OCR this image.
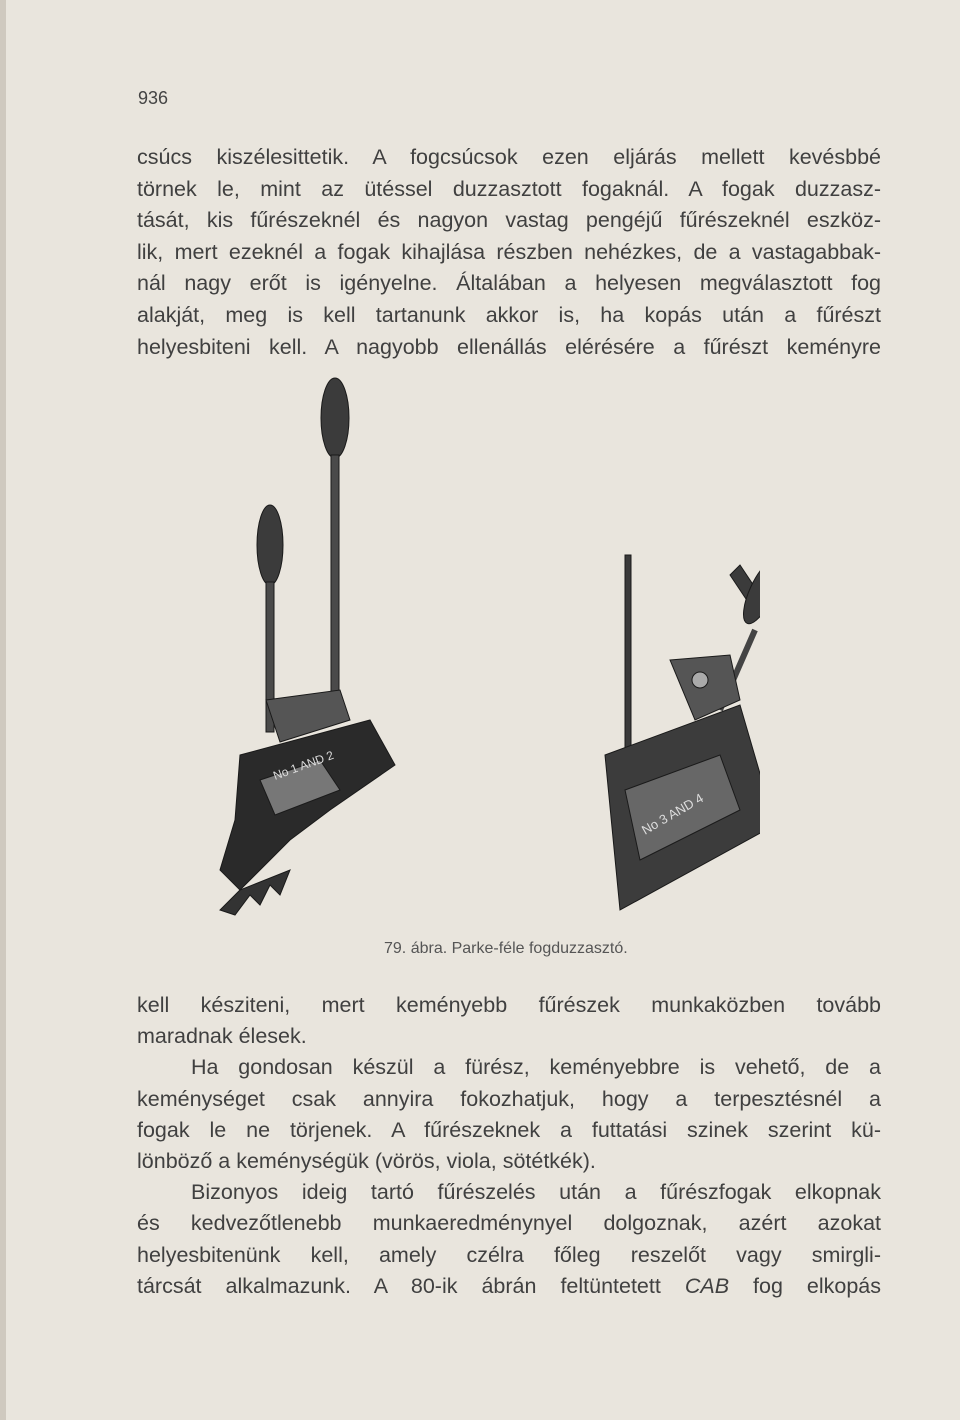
936
csúcs kiszélesittetik. A fogcsúcsok ezen eljárás mellett kevésbbé
törnek le, mint az ütéssel duzzasztott fogaknál. A fogak duzzasz-
tását, kis fűrészeknél és nagyon vastag pengéjű fűrészeknél eszköz-
lik, mert ezeknél a fogak kihajlása részben nehézkes, de a vastagabbak-
nál nagy erőt is igényelne. Általában a helyesen megválasztott fog
alakját, meg is kell tartanunk akkor is, ha kopás után a fűrészt
helyesbiteni kell. A nagyobb ellenállás elérésére a fűrészt keményre
No 1 AND 2
No 3 AND 4
79. ábra. Parke-féle fogduzzasztó.
kell késziteni, mert keményebb fűrészek munkaközben tovább
maradnak élesek.
Ha gondosan készül a fürész, keményebbre is vehető, de a
keménységet csak annyira fokozhatjuk, hogy a terpesztésnél a
fogak le ne törjenek. A fűrészeknek a futtatási szinek szerint kü-
lönböző a keménységük (vörös, viola, sötétkék).
Bizonyos ideig tartó fűrészelés után a fűrészfogak elkopnak
és kedvezőtlenebb munkaeredménynyel dolgoznak, azért azokat
helyesbitenünk kell, amely czélra főleg reszelőt vagy smirgli-
tárcsát alkalmazunk. A 80-ik ábrán feltüntetett CAB fog elkopás
